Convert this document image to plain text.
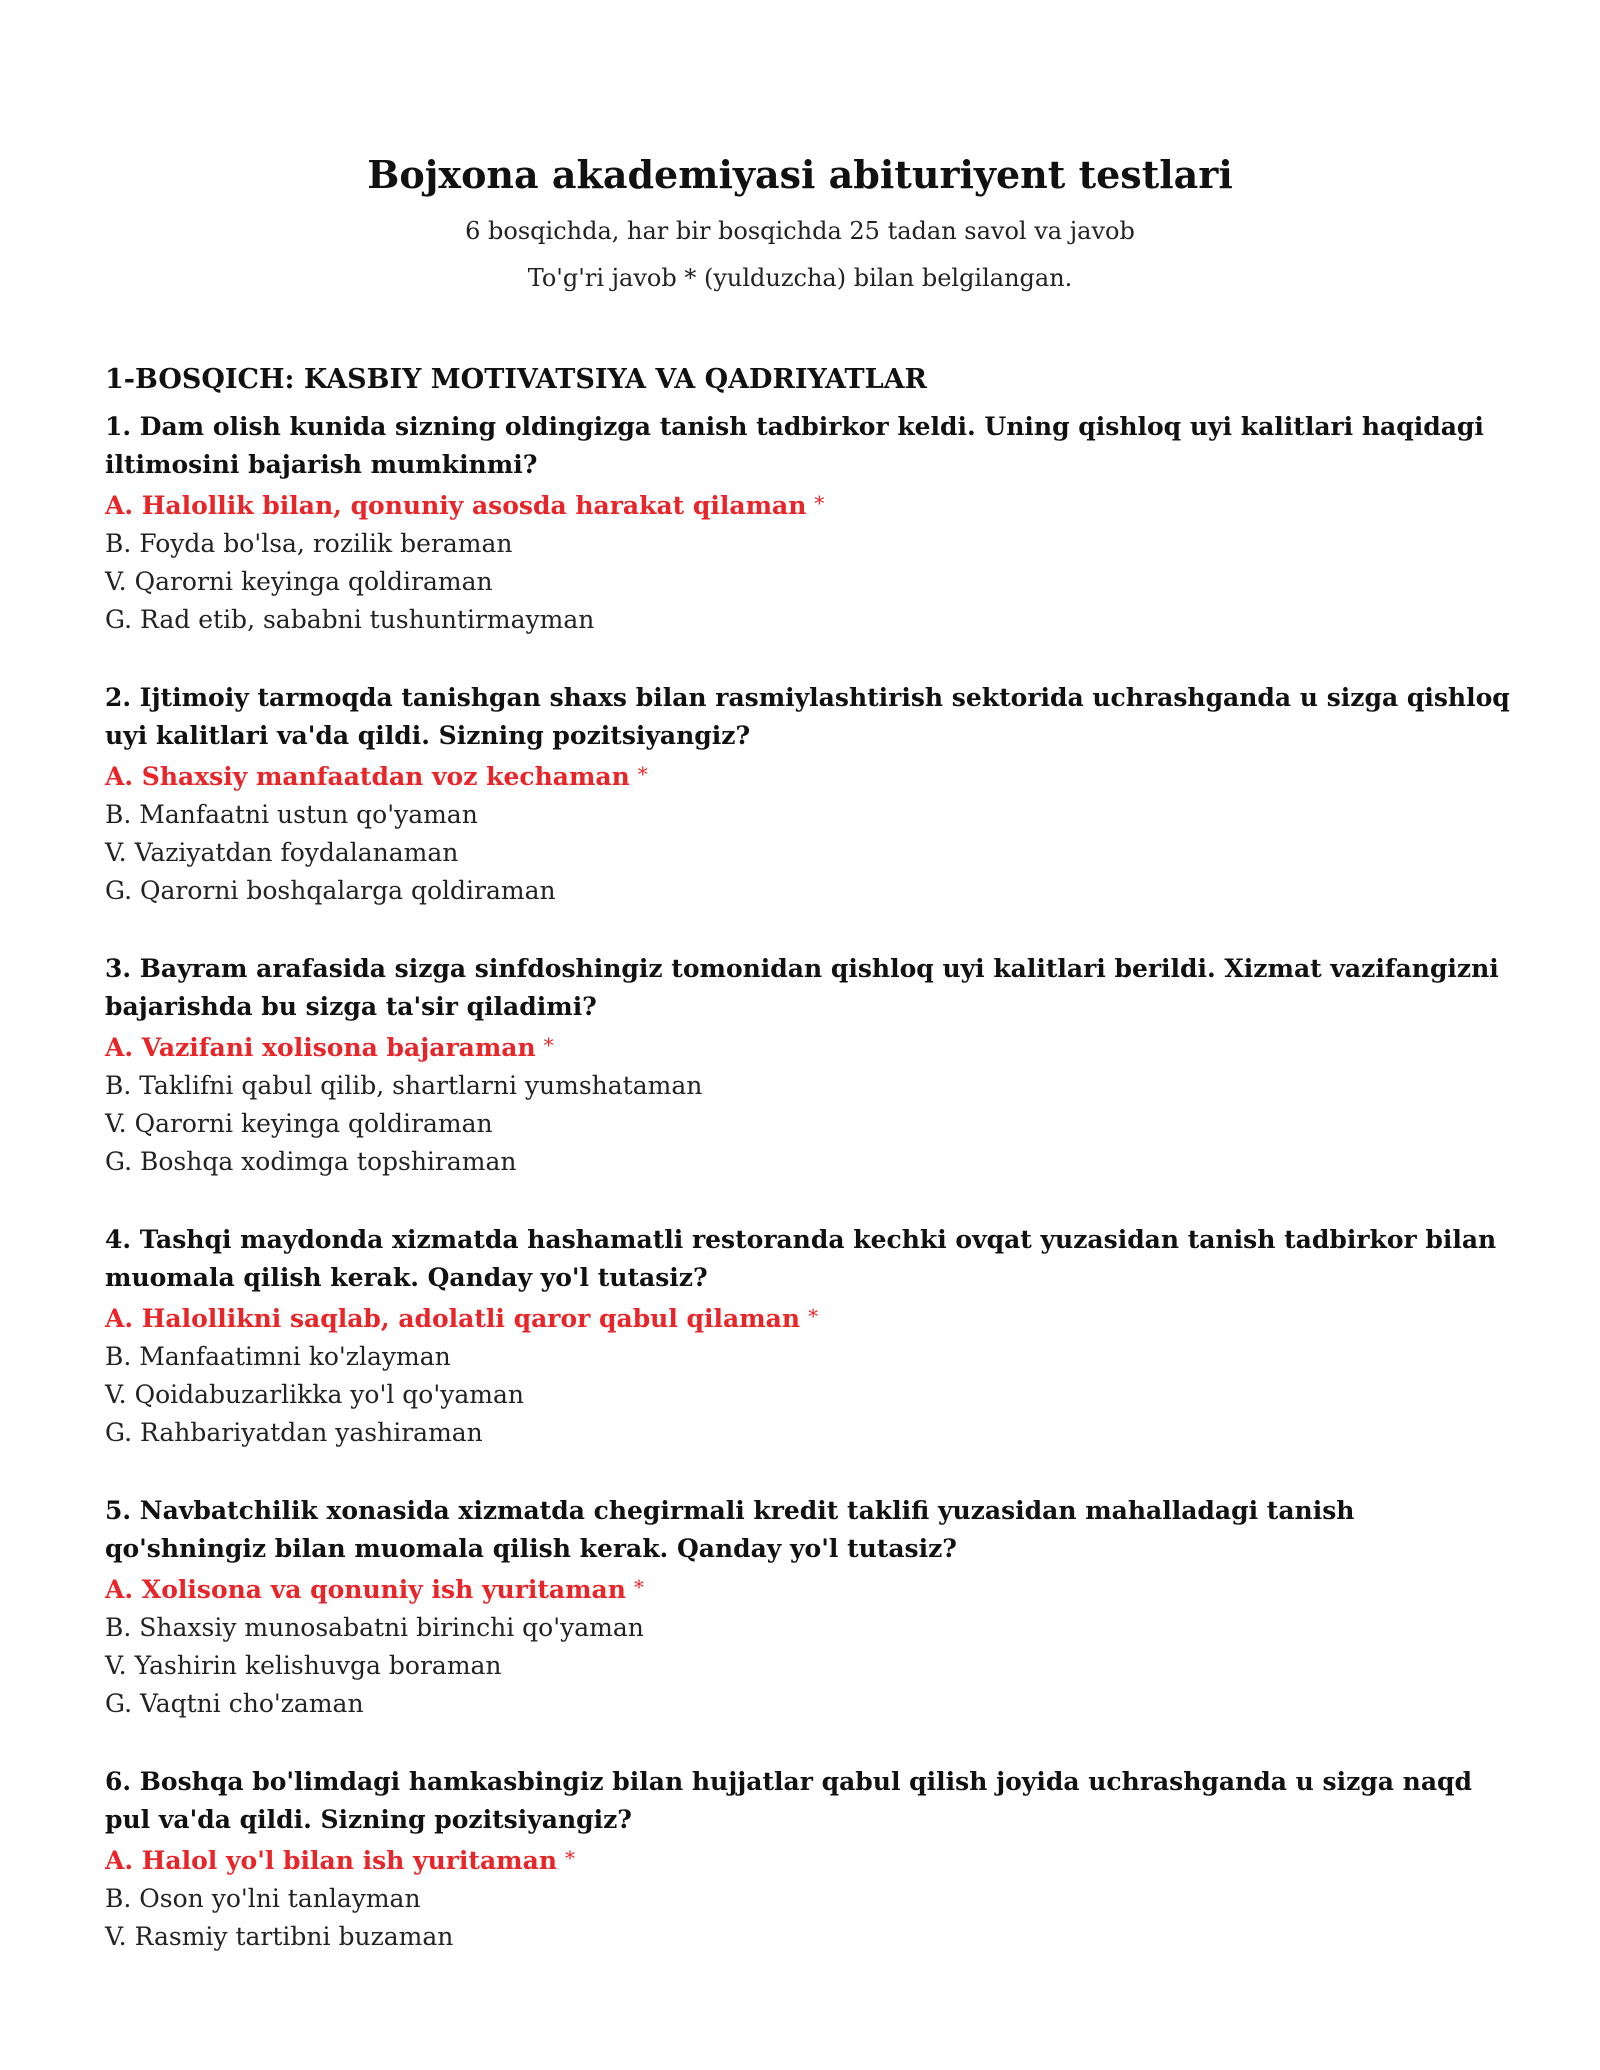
Bojxona akademiyasi abituriyent testlari
6 bosqichda, har bir bosqichda 25 tadan savol va javob
To'g'ri javob * (yulduzcha) bilan belgilangan.
1-BOSQICH: KASBIY MOTIVATSIYA VA QADRIYATLAR
1. Dam olish kunida sizning oldingizga tanish tadbirkor keldi. Uning qishloq uyi kalitlari haqidagi iltimosini bajarish mumkinmi?
A. Halollik bilan, qonuniy asosda harakat qilaman *
B. Foyda bo'lsa, rozilik beraman
V. Qarorni keyinga qoldiraman
G. Rad etib, sababni tushuntirmayman
2. Ijtimoiy tarmoqda tanishgan shaxs bilan rasmiylashtirish sektorida uchrashganda u sizga qishloq uyi kalitlari va'da qildi. Sizning pozitsiyangiz?
A. Shaxsiy manfaatdan voz kechaman *
B. Manfaatni ustun qo'yaman
V. Vaziyatdan foydalanaman
G. Qarorni boshqalarga qoldiraman
3. Bayram arafasida sizga sinfdoshingiz tomonidan qishloq uyi kalitlari berildi. Xizmat vazifangizni bajarishda bu sizga ta'sir qiladimi?
A. Vazifani xolisona bajaraman *
B. Taklifni qabul qilib, shartlarni yumshataman
V. Qarorni keyinga qoldiraman
G. Boshqa xodimga topshiraman
4. Tashqi maydonda xizmatda hashamatli restoranda kechki ovqat yuzasidan tanish tadbirkor bilan muomala qilish kerak. Qanday yo'l tutasiz?
A. Halollikni saqlab, adolatli qaror qabul qilaman *
B. Manfaatimni ko'zlayman
V. Qoidabuzarlikka yo'l qo'yaman
G. Rahbariyatdan yashiraman
5. Navbatchilik xonasida xizmatda chegirmali kredit taklifi yuzasidan mahalladagi tanish qo'shningiz bilan muomala qilish kerak. Qanday yo'l tutasiz?
A. Xolisona va qonuniy ish yuritaman *
B. Shaxsiy munosabatni birinchi qo'yaman
V. Yashirin kelishuvga boraman
G. Vaqtni cho'zaman
6. Boshqa bo'limdagi hamkasbingiz bilan hujjatlar qabul qilish joyida uchrashganda u sizga naqd pul va'da qildi. Sizning pozitsiyangiz?
A. Halol yo'l bilan ish yuritaman *
B. Oson yo'lni tanlayman
V. Rasmiy tartibni buzaman
